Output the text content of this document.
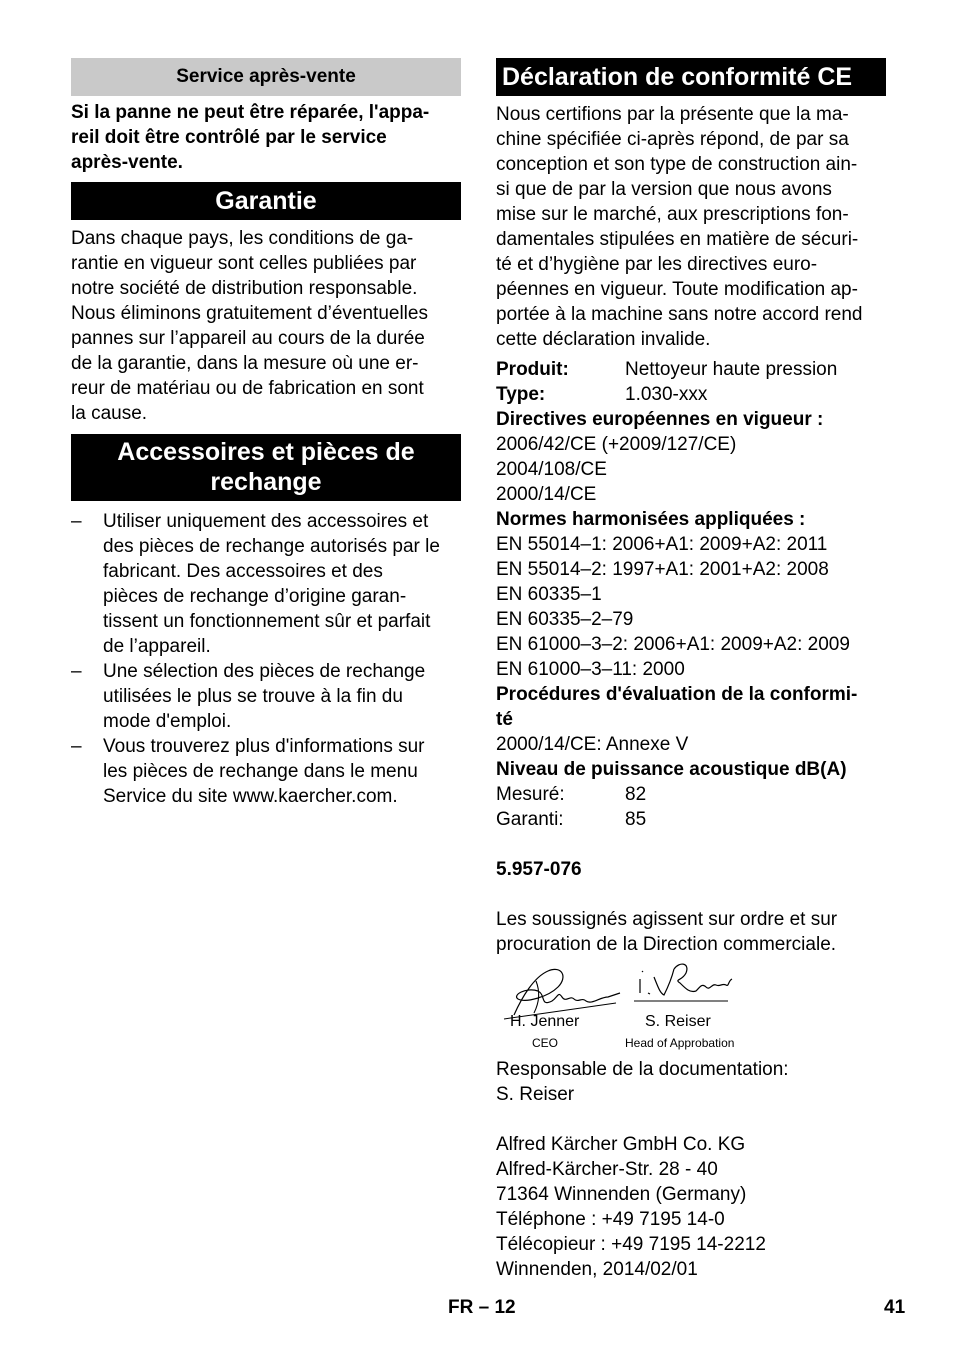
Service après-vente
Si la panne ne peut être réparée, l'appa-
reil doit être contrôlé par le service
après-vente.
Garantie
Dans chaque pays, les conditions de ga-
rantie en vigueur sont celles publiées par
notre société de distribution responsable.
Nous éliminons gratuitement d’éventuelles
pannes sur l’appareil au cours de la durée
de la garantie, dans la mesure où une er-
reur de matériau ou de fabrication en sont
la cause.
Accessoires et pièces de
rechange
– Utiliser uniquement des accessoires et
des pièces de rechange autorisés par le
fabricant. Des accessoires et des
pièces de rechange d’origine garan-
tissent un fonctionnement sûr et parfait
de l’appareil.
– Une sélection des pièces de rechange
utilisées le plus se trouve à la fin du
mode d'emploi.
– Vous trouverez plus d'informations sur
les pièces de rechange dans le menu
Service du site www.kaercher.com.
Déclaration de conformité CE
Nous certifions par la présente que la ma-
chine spécifiée ci-après répond, de par sa
conception et son type de construction ain-
si que de par la version que nous avons
mise sur le marché, aux prescriptions fon-
damentales stipulées en matière de sécuri-
té et d’hygiène par les directives euro-
péennes en vigueur. Toute modification ap-
portée à la machine sans notre accord rend
cette déclaration invalide.
Produit:	Nettoyeur haute pression
Type:	1.030-xxx
Directives européennes en vigueur :
2006/42/CE (+2009/127/CE)
2004/108/CE
2000/14/CE
Normes harmonisées appliquées :
EN 55014–1: 2006+A1: 2009+A2: 2011
EN 55014–2: 1997+A1: 2001+A2: 2008
EN 60335–1
EN 60335–2–79
EN 61000–3–2: 2006+A1: 2009+A2: 2009
EN 61000–3–11: 2000
Procédures d'évaluation de la conformi-
té
2000/14/CE: Annexe V
Niveau de puissance acoustique dB(A)
Mesuré:	82
Garanti:	85
5.957-076
Les soussignés agissent sur ordre et sur
procuration de la Direction commerciale.
H. Jenner
CEO
S. Reiser
Head of Approbation
Responsable de la documentation:
S. Reiser
Alfred Kärcher GmbH Co. KG
Alfred-Kärcher-Str. 28 - 40
71364 Winnenden (Germany)
Téléphone : +49 7195 14-0
Télécopieur : +49 7195 14-2212
Winnenden, 2014/02/01
FR – 12	41
